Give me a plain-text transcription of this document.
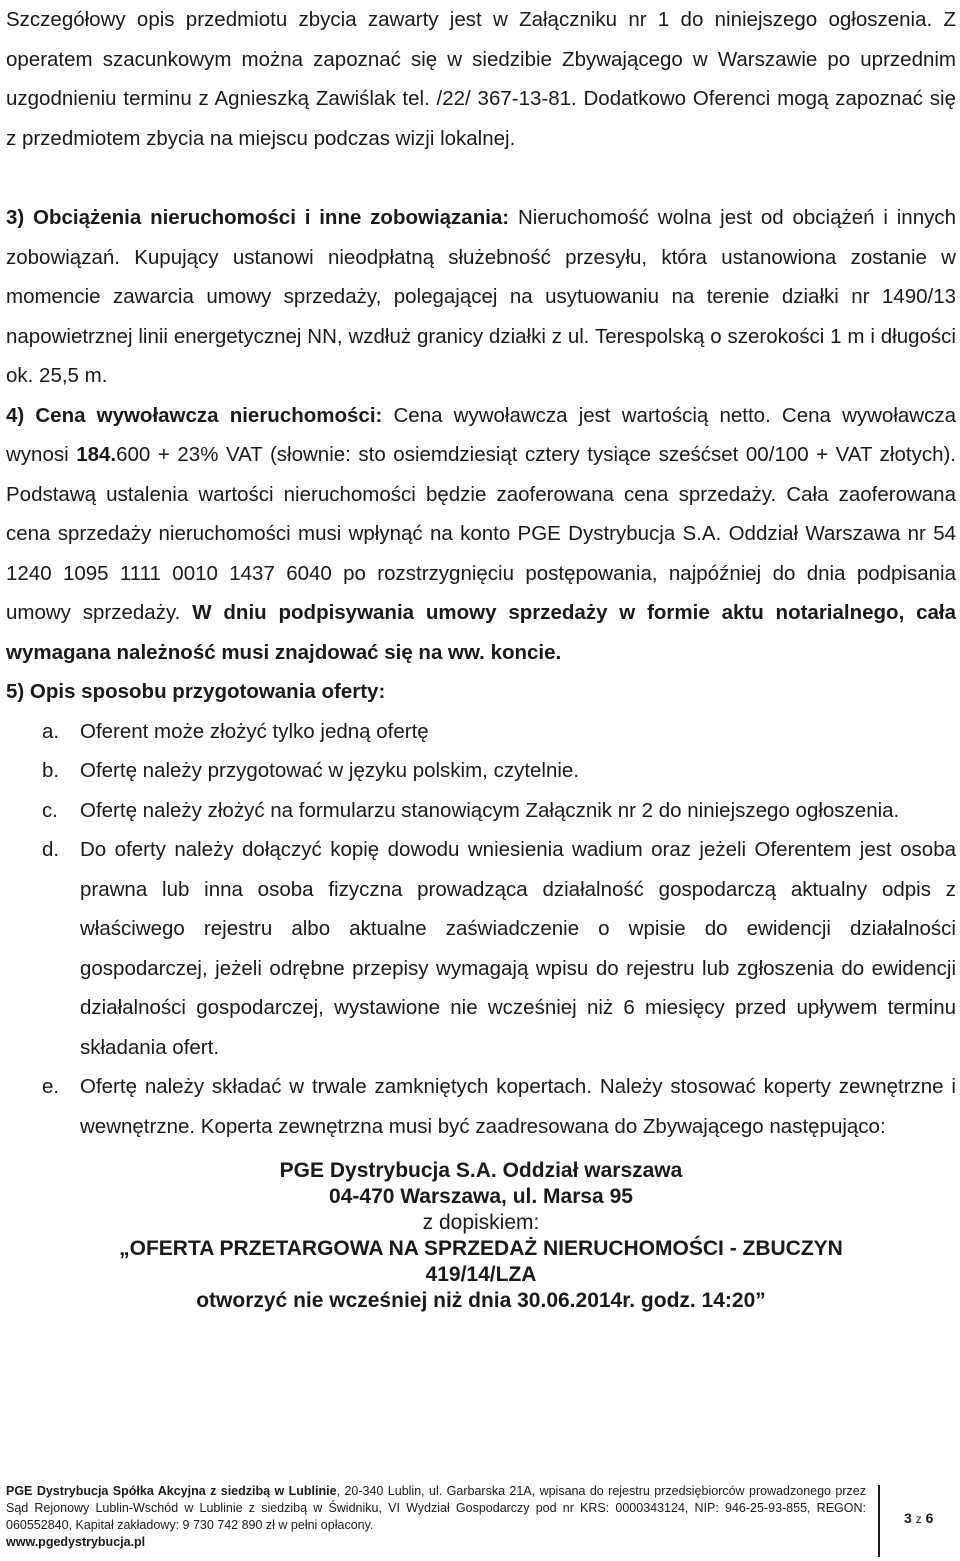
Szczegółowy opis przedmiotu zbycia zawarty jest w Załączniku nr 1 do niniejszego ogłoszenia. Z operatem szacunkowym można zapoznać się w siedzibie Zbywającego w Warszawie po uprzednim uzgodnieniu terminu z Agnieszką Zawiślak tel. /22/ 367-13-81. Dodatkowo Oferenci mogą zapoznać się z przedmiotem zbycia na miejscu podczas wizji lokalnej.

3) Obciążenia nieruchomości i inne zobowiązania: Nieruchomość wolna jest od obciążeń i innych zobowiązań. Kupujący ustanowi nieodpłatną służebność przesyłu, która ustanowiona zostanie w momencie zawarcia umowy sprzedaży, polegającej na usytuowaniu na terenie działki nr 1490/13 napowietrznej linii energetycznej NN, wzdłuż granicy działki z ul. Terespolską o szerokości 1 m i długości ok. 25,5 m.

4) Cena wywoławcza nieruchomości: Cena wywoławcza jest wartością netto. Cena wywoławcza wynosi 184.600 + 23% VAT (słownie: sto osiemdziesiąt cztery tysiące sześćset 00/100 + VAT złotych). Podstawą ustalenia wartości nieruchomości będzie zaoferowana cena sprzedaży. Cała zaoferowana cena sprzedaży nieruchomości musi wpłynąć na konto PGE Dystrybucja S.A. Oddział Warszawa nr 54 1240 1095 1111 0010 1437 6040 po rozstrzygnięciu postępowania, najpóźniej do dnia podpisania umowy sprzedaży. W dniu podpisywania umowy sprzedaży w formie aktu notarialnego, cała wymagana należność musi znajdować się na ww. koncie.

5) Opis sposobu przygotowania oferty:

a. Oferent może złożyć tylko jedną ofertę

b. Ofertę należy przygotować w języku polskim, czytelnie.

c. Ofertę należy złożyć na formularzu stanowiącym Załącznik nr 2 do niniejszego ogłoszenia.

d. Do oferty należy dołączyć kopię dowodu wniesienia wadium oraz jeżeli Oferentem jest osoba prawna lub inna osoba fizyczna prowadząca działalność gospodarczą aktualny odpis z właściwego rejestru albo aktualne zaświadczenie o wpisie do ewidencji działalności gospodarczej, jeżeli odrębne przepisy wymagają wpisu do rejestru lub zgłoszenia do ewidencji działalności gospodarczej, wystawione nie wcześniej niż 6 miesięcy przed upływem terminu składania ofert.

e. Ofertę należy składać w trwale zamkniętych kopertach. Należy stosować koperty zewnętrzne i wewnętrzne. Koperta zewnętrzna musi być zaadresowana do Zbywającego następująco:

PGE Dystrybucja S.A. Oddział warszawa

04-470 Warszawa, ul. Marsa 95

z dopiskiem:

„OFERTA PRZETARGOWA NA SPRZEDAŻ NIERUCHOMOŚCI - ZBUCZYN

419/14/LZA

otworzyć nie wcześniej niż dnia 30.06.2014r. godz. 14:20”

PGE Dystrybucja Spółka Akcyjna z siedzibą w Lublinie, 20-340 Lublin, ul. Garbarska 21A, wpisana do rejestru przedsiębiorców prowadzonego przez Sąd Rejonowy Lublin-Wschód w Lublinie z siedzibą w Świdniku, VI Wydział Gospodarczy pod nr KRS: 0000343124, NIP: 946-25-93-855, REGON: 060552840, Kapitał zakładowy: 9 730 742 890 zł w pełni opłacony.
www.pgedystrybucja.pl
3 z 6
